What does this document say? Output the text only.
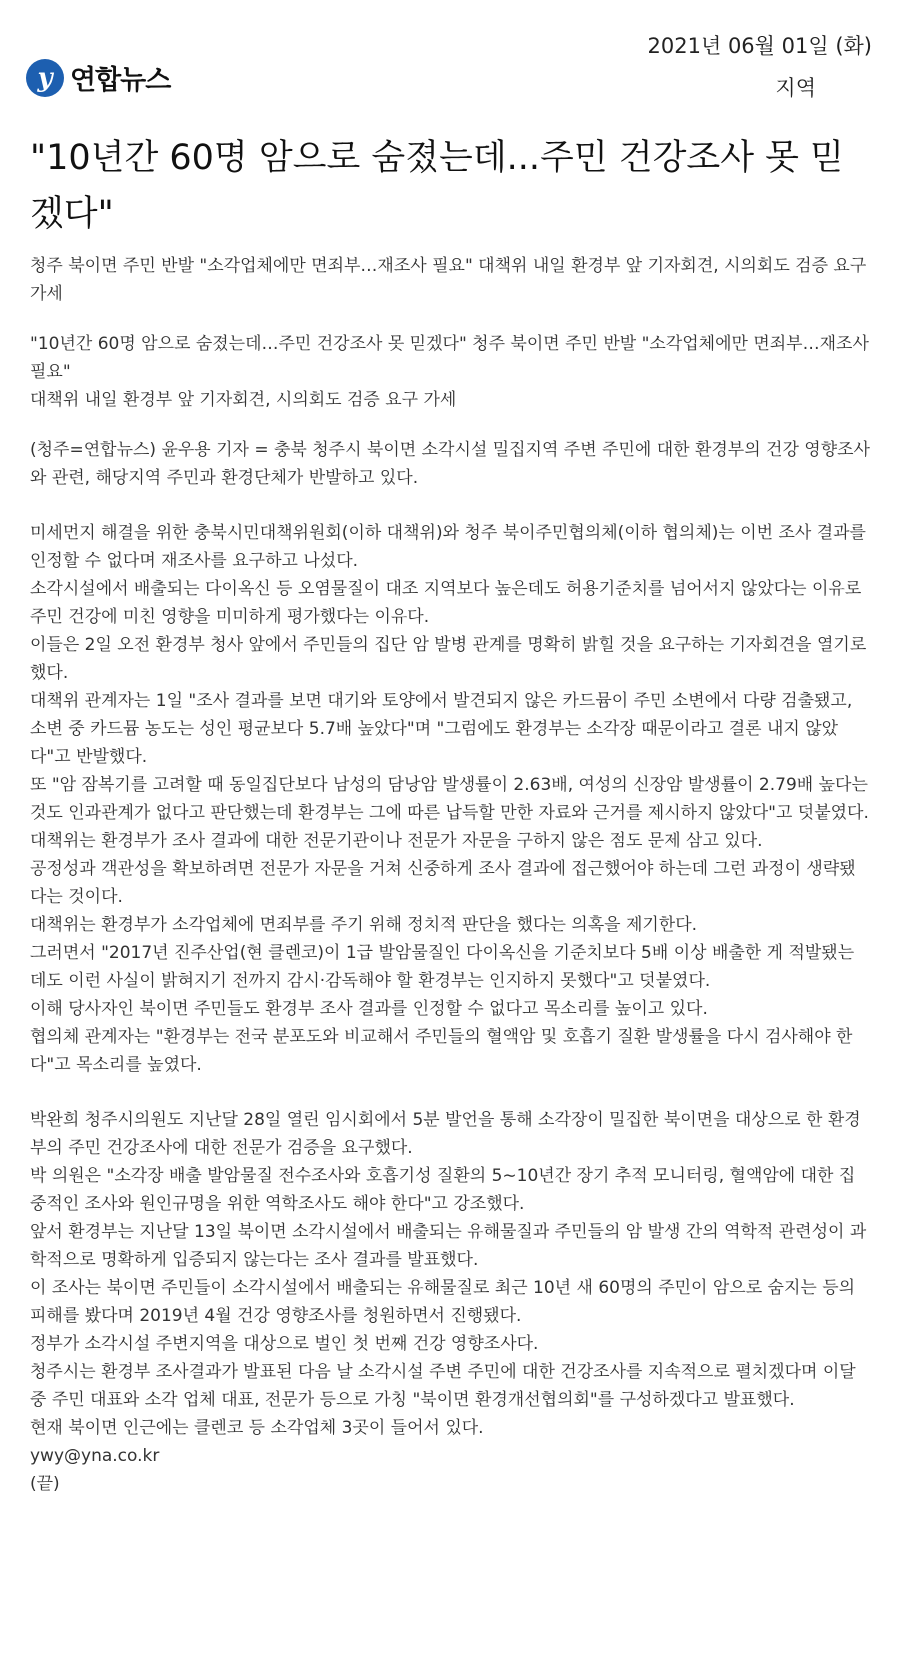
y 연합뉴스
2021년 06월 01일 (화)
지역
"10년간 60명 암으로 숨졌는데...주민 건강조사 못 믿겠다"

청주 북이면 주민 반발 "소각업체에만 면죄부…재조사 필요" 대책위 내일 환경부 앞 기자회견, 시의회도 검증 요구 가세

"10년간 60명 암으로 숨졌는데…주민 건강조사 못 믿겠다" 청주 북이면 주민 반발 "소각업체에만 면죄부…재조사 필요"

대책위 내일 환경부 앞 기자회견, 시의회도 검증 요구 가세

(청주=연합뉴스) 윤우용 기자 = 충북 청주시 북이면 소각시설 밀집지역 주변 주민에 대한 환경부의 건강 영향조사와 관련, 해당지역 주민과 환경단체가 반발하고 있다.

미세먼지 해결을 위한 충북시민대책위원회(이하 대책위)와 청주 북이주민협의체(이하 협의체)는 이번 조사 결과를 인정할 수 없다며 재조사를 요구하고 나섰다.

소각시설에서 배출되는 다이옥신 등 오염물질이 대조 지역보다 높은데도 허용기준치를 넘어서지 않았다는 이유로 주민 건강에 미친 영향을 미미하게 평가했다는 이유다.

이들은 2일 오전 환경부 청사 앞에서 주민들의 집단 암 발병 관계를 명확히 밝힐 것을 요구하는 기자회견을 열기로 했다.

대책위 관계자는 1일 "조사 결과를 보면 대기와 토양에서 발견되지 않은 카드뮴이 주민 소변에서 다량 검출됐고, 소변 중 카드뮴 농도는 성인 평균보다 5.7배 높았다"며 "그럼에도 환경부는 소각장 때문이라고 결론 내지 않았다"고 반발했다.

또 "암 잠복기를 고려할 때 동일집단보다 남성의 담낭암 발생률이 2.63배, 여성의 신장암 발생률이 2.79배 높다는 것도 인과관계가 없다고 판단했는데 환경부는 그에 따른 납득할 만한 자료와 근거를 제시하지 않았다"고 덧붙였다.

대책위는 환경부가 조사 결과에 대한 전문기관이나 전문가 자문을 구하지 않은 점도 문제 삼고 있다.

공정성과 객관성을 확보하려면 전문가 자문을 거쳐 신중하게 조사 결과에 접근했어야 하는데 그런 과정이 생략됐다는 것이다.

대책위는 환경부가 소각업체에 면죄부를 주기 위해 정치적 판단을 했다는 의혹을 제기한다.

그러면서 "2017년 진주산업(현 클렌코)이 1급 발암물질인 다이옥신을 기준치보다 5배 이상 배출한 게 적발됐는데도 이런 사실이 밝혀지기 전까지 감시·감독해야 할 환경부는 인지하지 못했다"고 덧붙였다.

이해 당사자인 북이면 주민들도 환경부 조사 결과를 인정할 수 없다고 목소리를 높이고 있다.

협의체 관계자는 "환경부는 전국 분포도와 비교해서 주민들의 혈액암 및 호흡기 질환 발생률을 다시 검사해야 한다"고 목소리를 높였다.

박완희 청주시의원도 지난달 28일 열린 임시회에서 5분 발언을 통해 소각장이 밀집한 북이면을 대상으로 한 환경부의 주민 건강조사에 대한 전문가 검증을 요구했다.

박 의원은 "소각장 배출 발암물질 전수조사와 호흡기성 질환의 5∼10년간 장기 추적 모니터링, 혈액암에 대한 집중적인 조사와 원인규명을 위한 역학조사도 해야 한다"고 강조했다.

앞서 환경부는 지난달 13일 북이면 소각시설에서 배출되는 유해물질과 주민들의 암 발생 간의 역학적 관련성이 과학적으로 명확하게 입증되지 않는다는 조사 결과를 발표했다.

이 조사는 북이면 주민들이 소각시설에서 배출되는 유해물질로 최근 10년 새 60명의 주민이 암으로 숨지는 등의 피해를 봤다며 2019년 4월 건강 영향조사를 청원하면서 진행됐다.

정부가 소각시설 주변지역을 대상으로 벌인 첫 번째 건강 영향조사다.

청주시는 환경부 조사결과가 발표된 다음 날 소각시설 주변 주민에 대한 건강조사를 지속적으로 펼치겠다며 이달 중 주민 대표와 소각 업체 대표, 전문가 등으로 가칭 "북이면 환경개선협의회"를 구성하겠다고 발표했다.

현재 북이면 인근에는 클렌코 등 소각업체 3곳이 들어서 있다.

ywy@yna.co.kr

(끝)
